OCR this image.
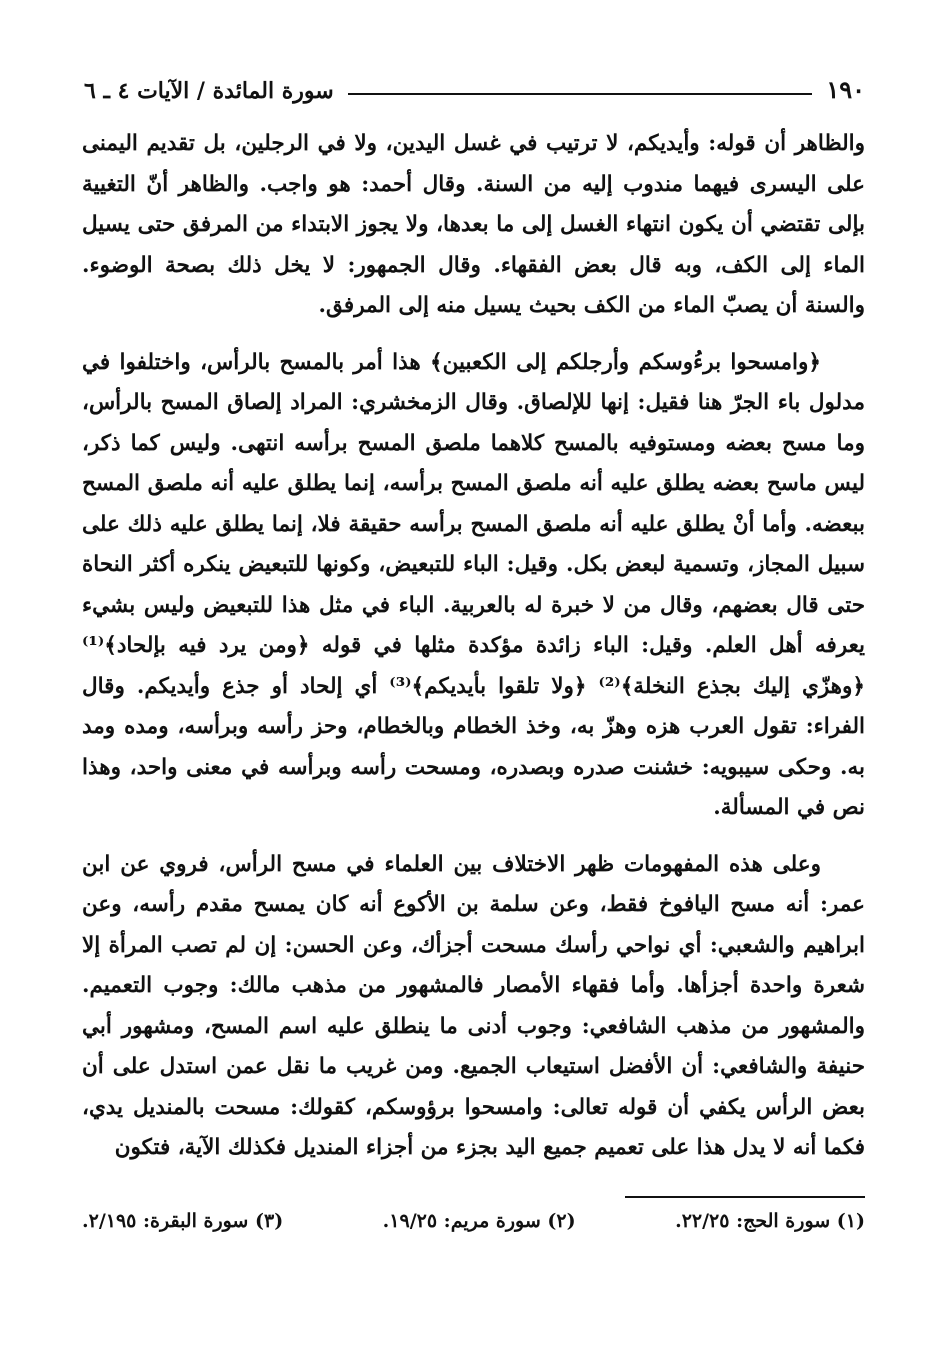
١٩٠
سورة المائدة / الآيات ٤ ـ ٦

والظاهر أن قوله: وأيديكم، لا ترتيب في غسل اليدين، ولا في الرجلين، بل تقديم اليمنى على اليسرى فيهما مندوب إليه من السنة. وقال أحمد: هو واجب. والظاهر أنّ التغيية بإلى تقتضي أن يكون انتهاء الغسل إلى ما بعدها، ولا يجوز الابتداء من المرفق حتى يسيل الماء إلى الكف، وبه قال بعض الفقهاء. وقال الجمهور: لا يخل ذلك بصحة الوضوء. والسنة أن يصبّ الماء من الكف بحيث يسيل منه إلى المرفق.

﴿وامسحوا برءُوسكم وأرجلكم إلى الكعبين﴾ هذا أمر بالمسح بالرأس، واختلفوا في مدلول باء الجرّ هنا فقيل: إنها للإلصاق. وقال الزمخشري: المراد إلصاق المسح بالرأس، وما مسح بعضه ومستوفيه بالمسح كلاهما ملصق المسح برأسه انتهى. وليس كما ذكر، ليس ماسح بعضه يطلق عليه أنه ملصق المسح برأسه، إنما يطلق عليه أنه ملصق المسح ببعضه. وأما أنْ يطلق عليه أنه ملصق المسح برأسه حقيقة فلا، إنما يطلق عليه ذلك على سبيل المجاز، وتسمية لبعض بكل. وقيل: الباء للتبعيض، وكونها للتبعيض ينكره أكثر النحاة حتى قال بعضهم، وقال من لا خبرة له بالعربية. الباء في مثل هذا للتبعيض وليس بشيء يعرفه أهل العلم. وقيل: الباء زائدة مؤكدة مثلها في قوله ﴿ومن يرد فيه بإلحاد﴾⁽¹⁾ ﴿وهزّي إليك بجذع النخلة﴾⁽²⁾ ﴿ولا تلقوا بأيديكم﴾⁽³⁾ أي إلحاد أو جذع وأيديكم. وقال الفراء: تقول العرب هزه وهزّ به، وخذ الخطام وبالخطام، وحز رأسه وبرأسه، ومده ومد به. وحكى سيبويه: خشنت صدره وبصدره، ومسحت رأسه وبرأسه في معنى واحد، وهذا نص في المسألة.

وعلى هذه المفهومات ظهر الاختلاف بين العلماء في مسح الرأس، فروي عن ابن عمر: أنه مسح اليافوخ فقط، وعن سلمة بن الأكوع أنه كان يمسح مقدم رأسه، وعن ابراهيم والشعبي: أي نواحي رأسك مسحت أجزأك، وعن الحسن: إن لم تصب المرأة إلا شعرة واحدة أجزأها. وأما فقهاء الأمصار فالمشهور من مذهب مالك: وجوب التعميم. والمشهور من مذهب الشافعي: وجوب أدنى ما ينطلق عليه اسم المسح، ومشهور أبي حنيفة والشافعي: أن الأفضل استيعاب الجميع. ومن غريب ما نقل عمن استدل على أن بعض الرأس يكفي أن قوله تعالى: وامسحوا برؤوسكم، كقولك: مسحت بالمنديل يدي، فكما أنه لا يدل هذا على تعميم جميع اليد بجزء من أجزاء المنديل فكذلك الآية، فتكون

(١) سورة الحج: ٢٢/٢٥.
(٢) سورة مريم: ١٩/٢٥.
(٣) سورة البقرة: ٢/١٩٥.
